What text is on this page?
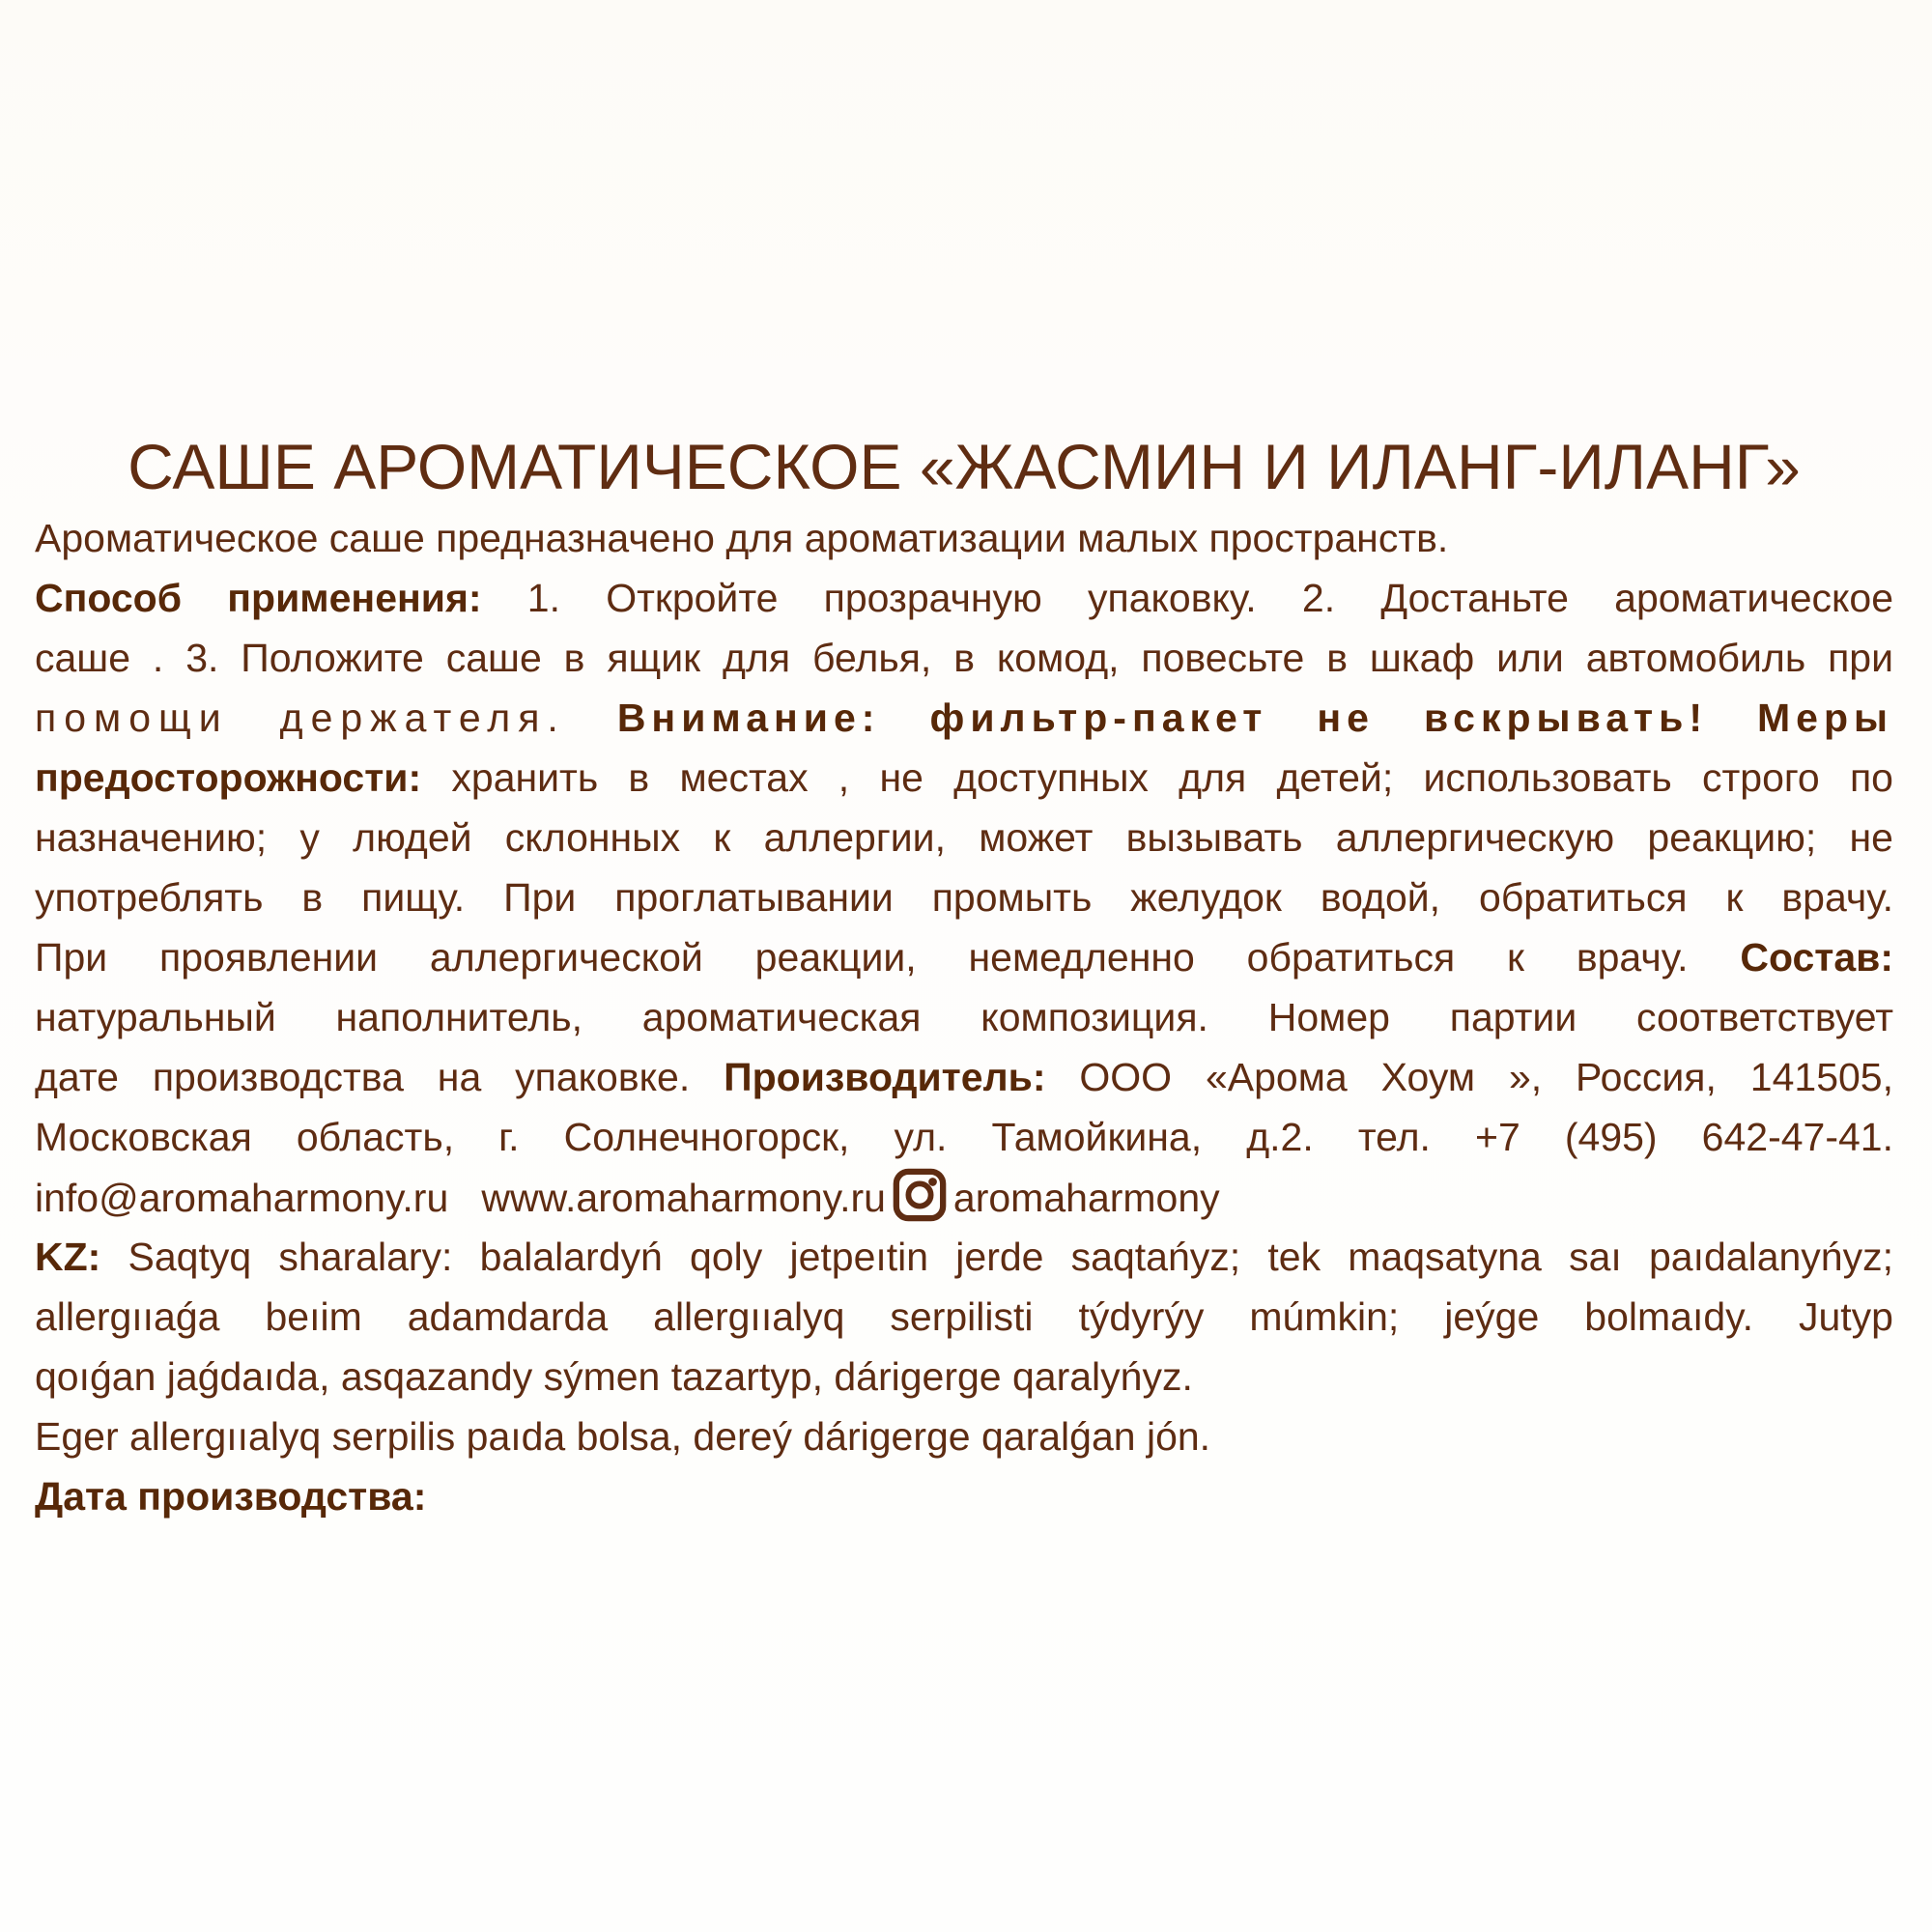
САШЕ АРОМАТИЧЕСКОЕ «ЖАСМИН И ИЛАНГ-ИЛАНГ»
Ароматическое саше предназначено для ароматизации малых пространств.
Способ применения: 1. Откройте прозрачную упаковку. 2. Достаньте ароматическое
саше . 3. Положите саше в ящик для белья, в комод, повесьте в шкаф или автомобиль при
помощи держателя. Внимание: фильтр-пакет не вскрывать! Меры
предосторожности: хранить в местах , не доступных для детей; использовать строго по
назначению; у людей склонных к аллергии, может вызывать аллергическую реакцию; не
употреблять в пищу. При проглатывании промыть желудок водой, обратиться к врачу.
При проявлении аллергической реакции, немедленно обратиться к врачу. Состав:
натуральный наполнитель, ароматическая композиция. Номер партии соответствует
дате производства на упаковке. Производитель: ООО «Арома Хоум », Россия, 141505,
Московская область, г. Солнечногорск, ул. Тамойкина, д.2. тел. +7 (495) 642-47-41.
info@aromaharmony.ru   www.aromaharmony.ru aromaharmony
KZ: Saqtyq sharalary: balalardyń qoly jetpeıtin jerde saqtańyz; tek maqsatyna saı paıdalanyńyz;
allergııaǵa beıim adamdarda allergııalyq serpilisti týdyrýy múmkin; jeýge bolmaıdy. Jutyp
qoıǵan jaǵdaıda, asqazandy sýmen tazartyp, dárigerge qaralyńyz.
Eger allergııalyq serpilis paıda bolsa, dereý dárigerge qaralǵan jón.
Дата производства:
